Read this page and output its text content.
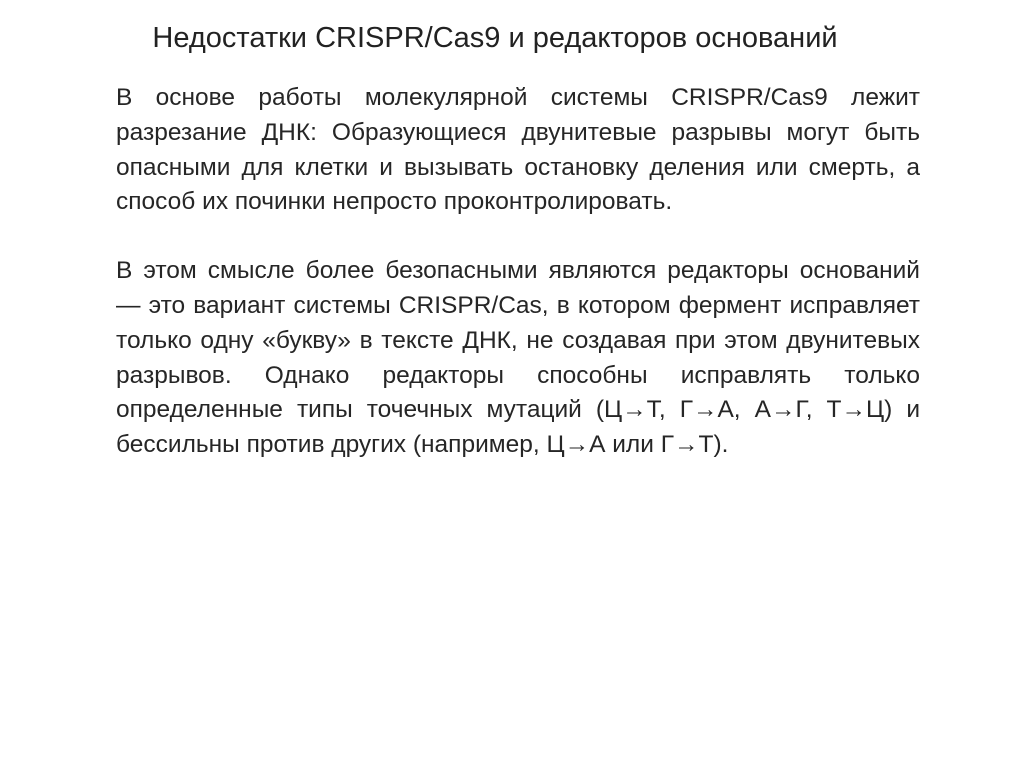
Недостатки CRISPR/Cas9 и редакторов оснований

В основе работы молекулярной системы CRISPR/Cas9 лежит разрезание ДНК: Образующиеся двунитевые разрывы могут быть опасными для клетки и вызывать остановку деления или смерть, а способ их починки непросто проконтролировать.

В этом смысле более безопасными являются редакторы оснований — это вариант системы CRISPR/Cas, в котором фермент исправляет только одну «букву» в тексте ДНК, не создавая при этом двунитевых разрывов. Однако редакторы способны исправлять только определенные типы точечных мутаций (Ц→Т, Г→А, А→Г, Т→Ц) и бессильны против других (например, Ц→А или Г→Т).
